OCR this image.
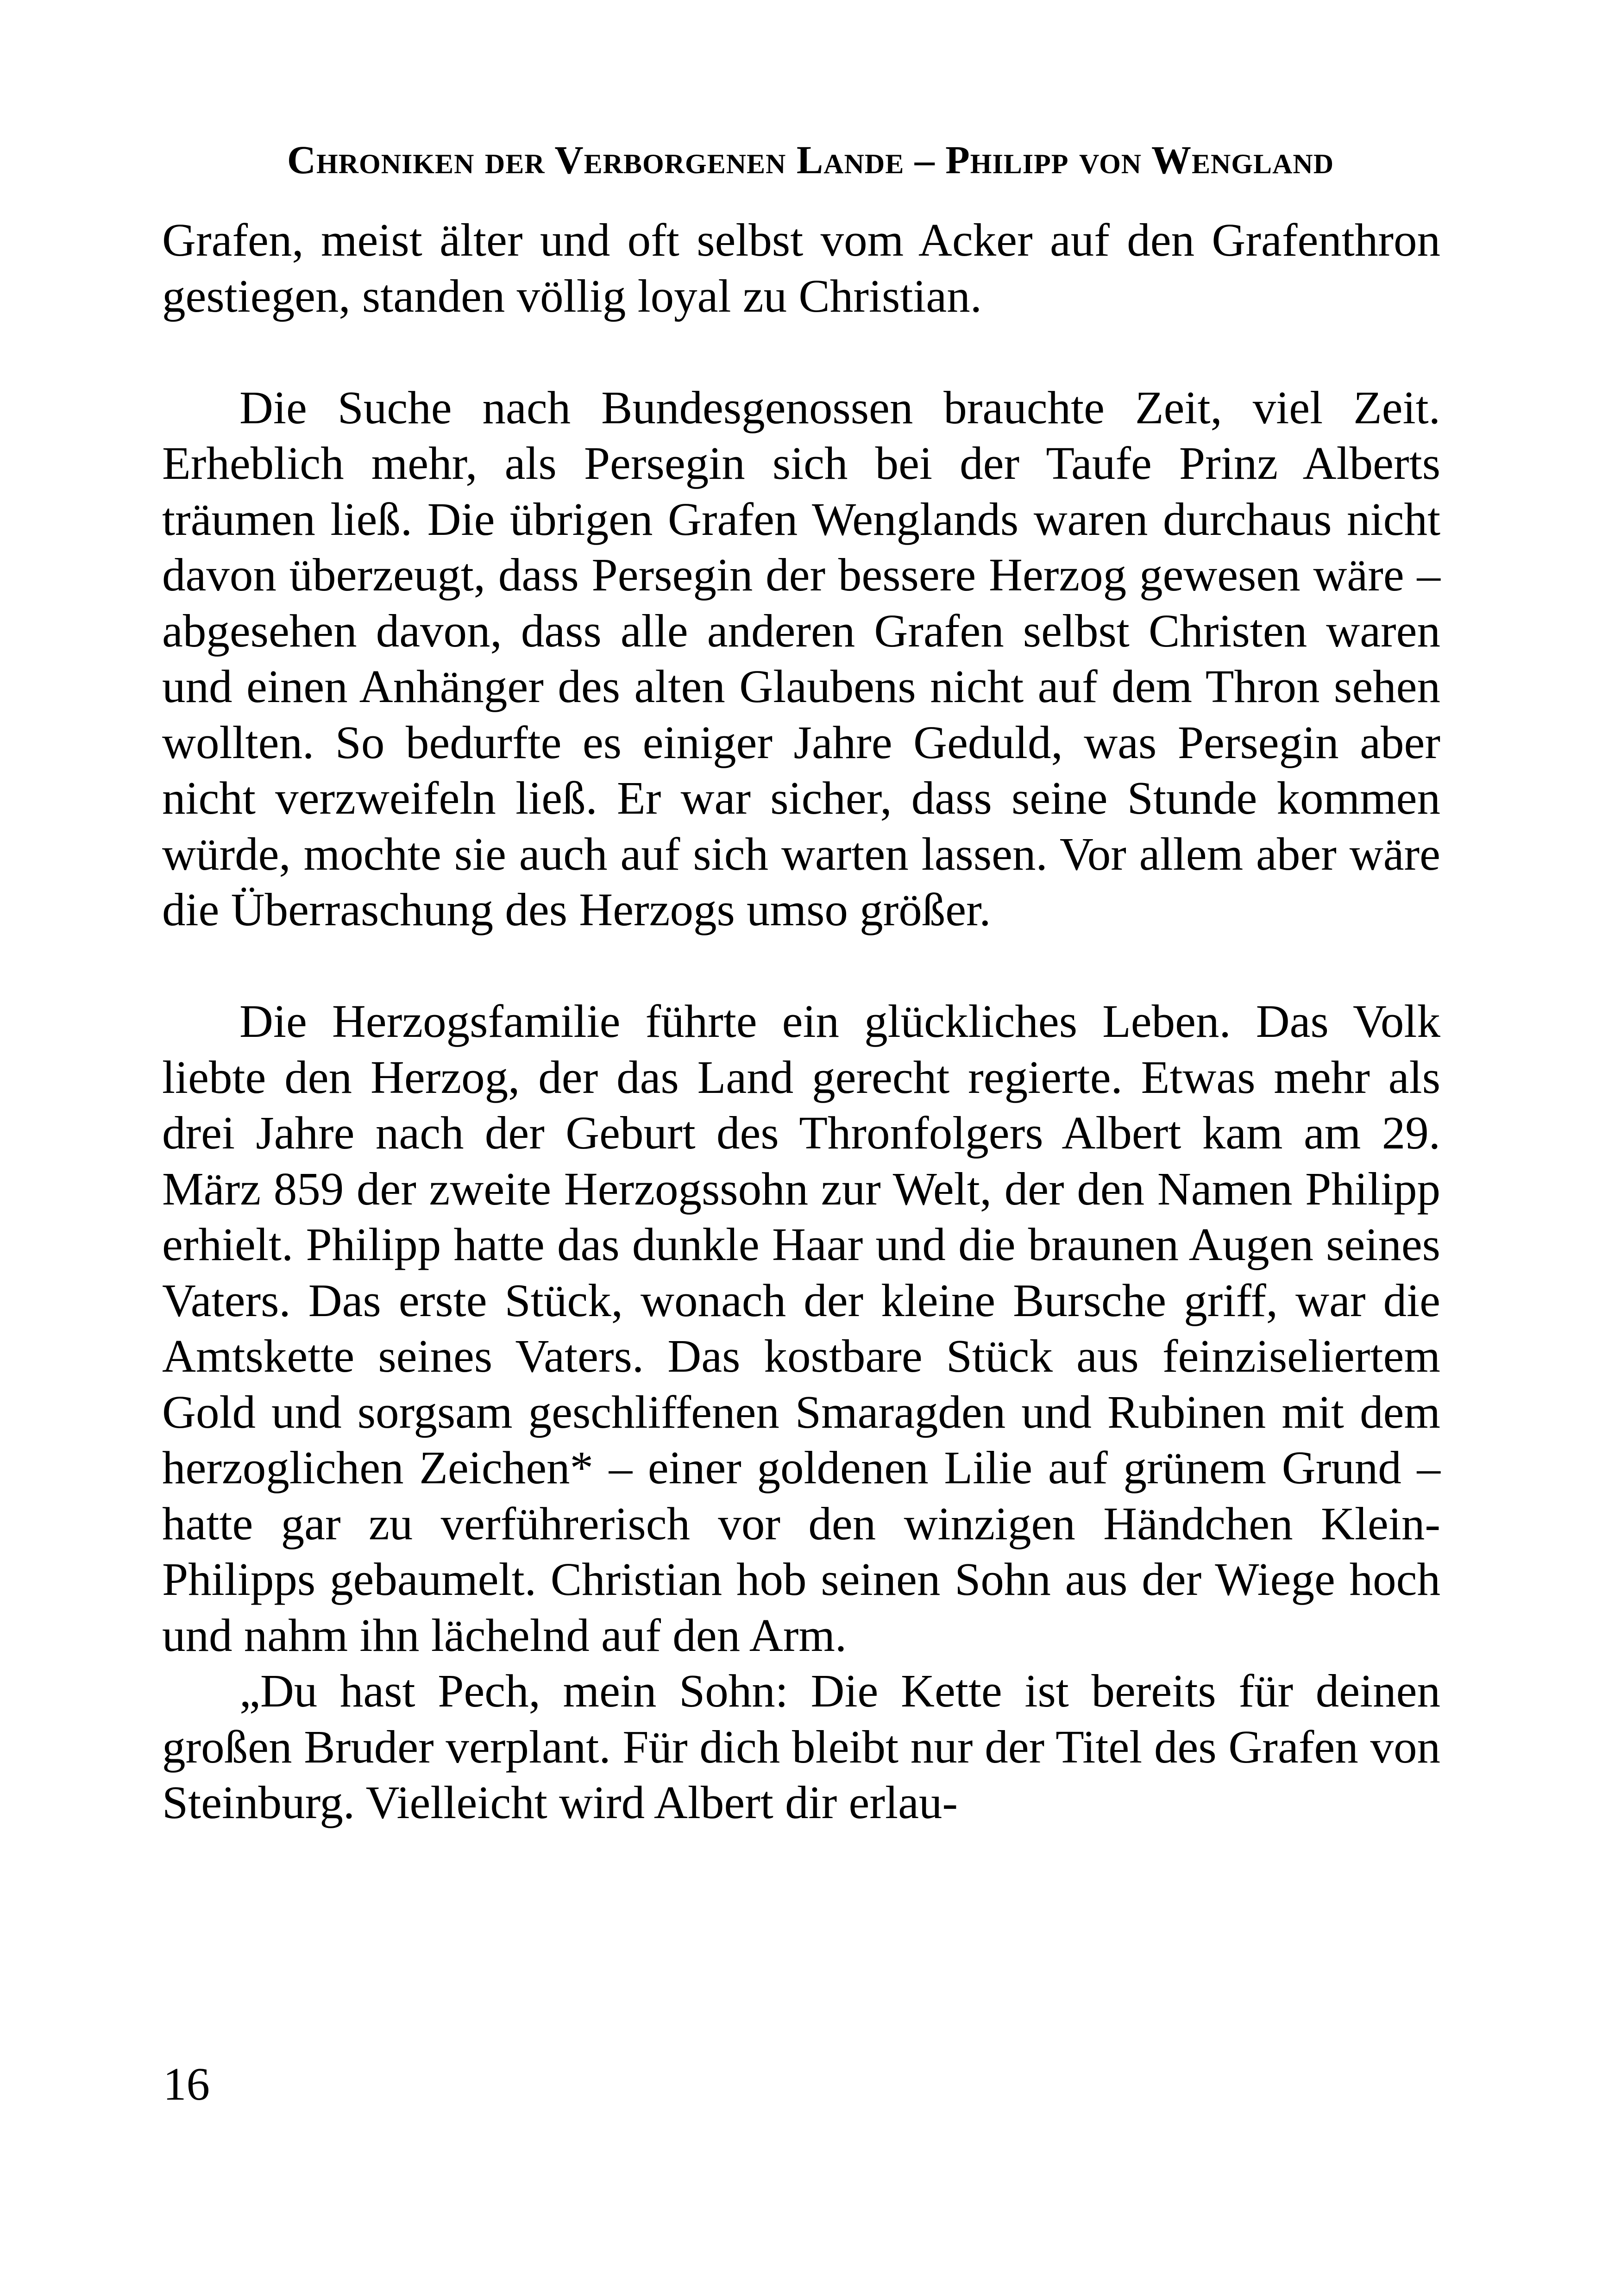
Chroniken der Verborgenen Lande – Philipp von Wengland

Grafen, meist älter und oft selbst vom Acker auf den Grafenthron gestiegen, standen völlig loyal zu Christian.

Die Suche nach Bundesgenossen brauchte Zeit, viel Zeit. Erheblich mehr, als Persegin sich bei der Taufe Prinz Alberts träumen ließ. Die übrigen Grafen Wenglands waren durchaus nicht davon überzeugt, dass Persegin der bessere Herzog gewesen wäre – abgesehen davon, dass alle anderen Grafen selbst Christen waren und einen Anhänger des alten Glaubens nicht auf dem Thron sehen wollten. So bedurfte es einiger Jahre Geduld, was Persegin aber nicht verzweifeln ließ. Er war sicher, dass seine Stunde kommen würde, mochte sie auch auf sich warten lassen. Vor allem aber wäre die Überraschung des Herzogs umso größer.

Die Herzogsfamilie führte ein glückliches Leben. Das Volk liebte den Herzog, der das Land gerecht regierte. Etwas mehr als drei Jahre nach der Geburt des Thronfolgers Albert kam am 29. März 859 der zweite Herzogssohn zur Welt, der den Namen Philipp erhielt. Philipp hatte das dunkle Haar und die braunen Augen seines Vaters. Das erste Stück, wonach der kleine Bursche griff, war die Amtskette seines Vaters. Das kostbare Stück aus feinziseliertem Gold und sorgsam geschliffenen Smaragden und Rubinen mit dem herzoglichen Zeichen* – einer goldenen Lilie auf grünem Grund – hatte gar zu verführerisch vor den winzigen Händchen Klein-Philipps gebaumelt. Christian hob seinen Sohn aus der Wiege hoch und nahm ihn lächelnd auf den Arm.

„Du hast Pech, mein Sohn: Die Kette ist bereits für deinen großen Bruder verplant. Für dich bleibt nur der Titel des Grafen von Steinburg. Vielleicht wird Albert dir erlau-

16
